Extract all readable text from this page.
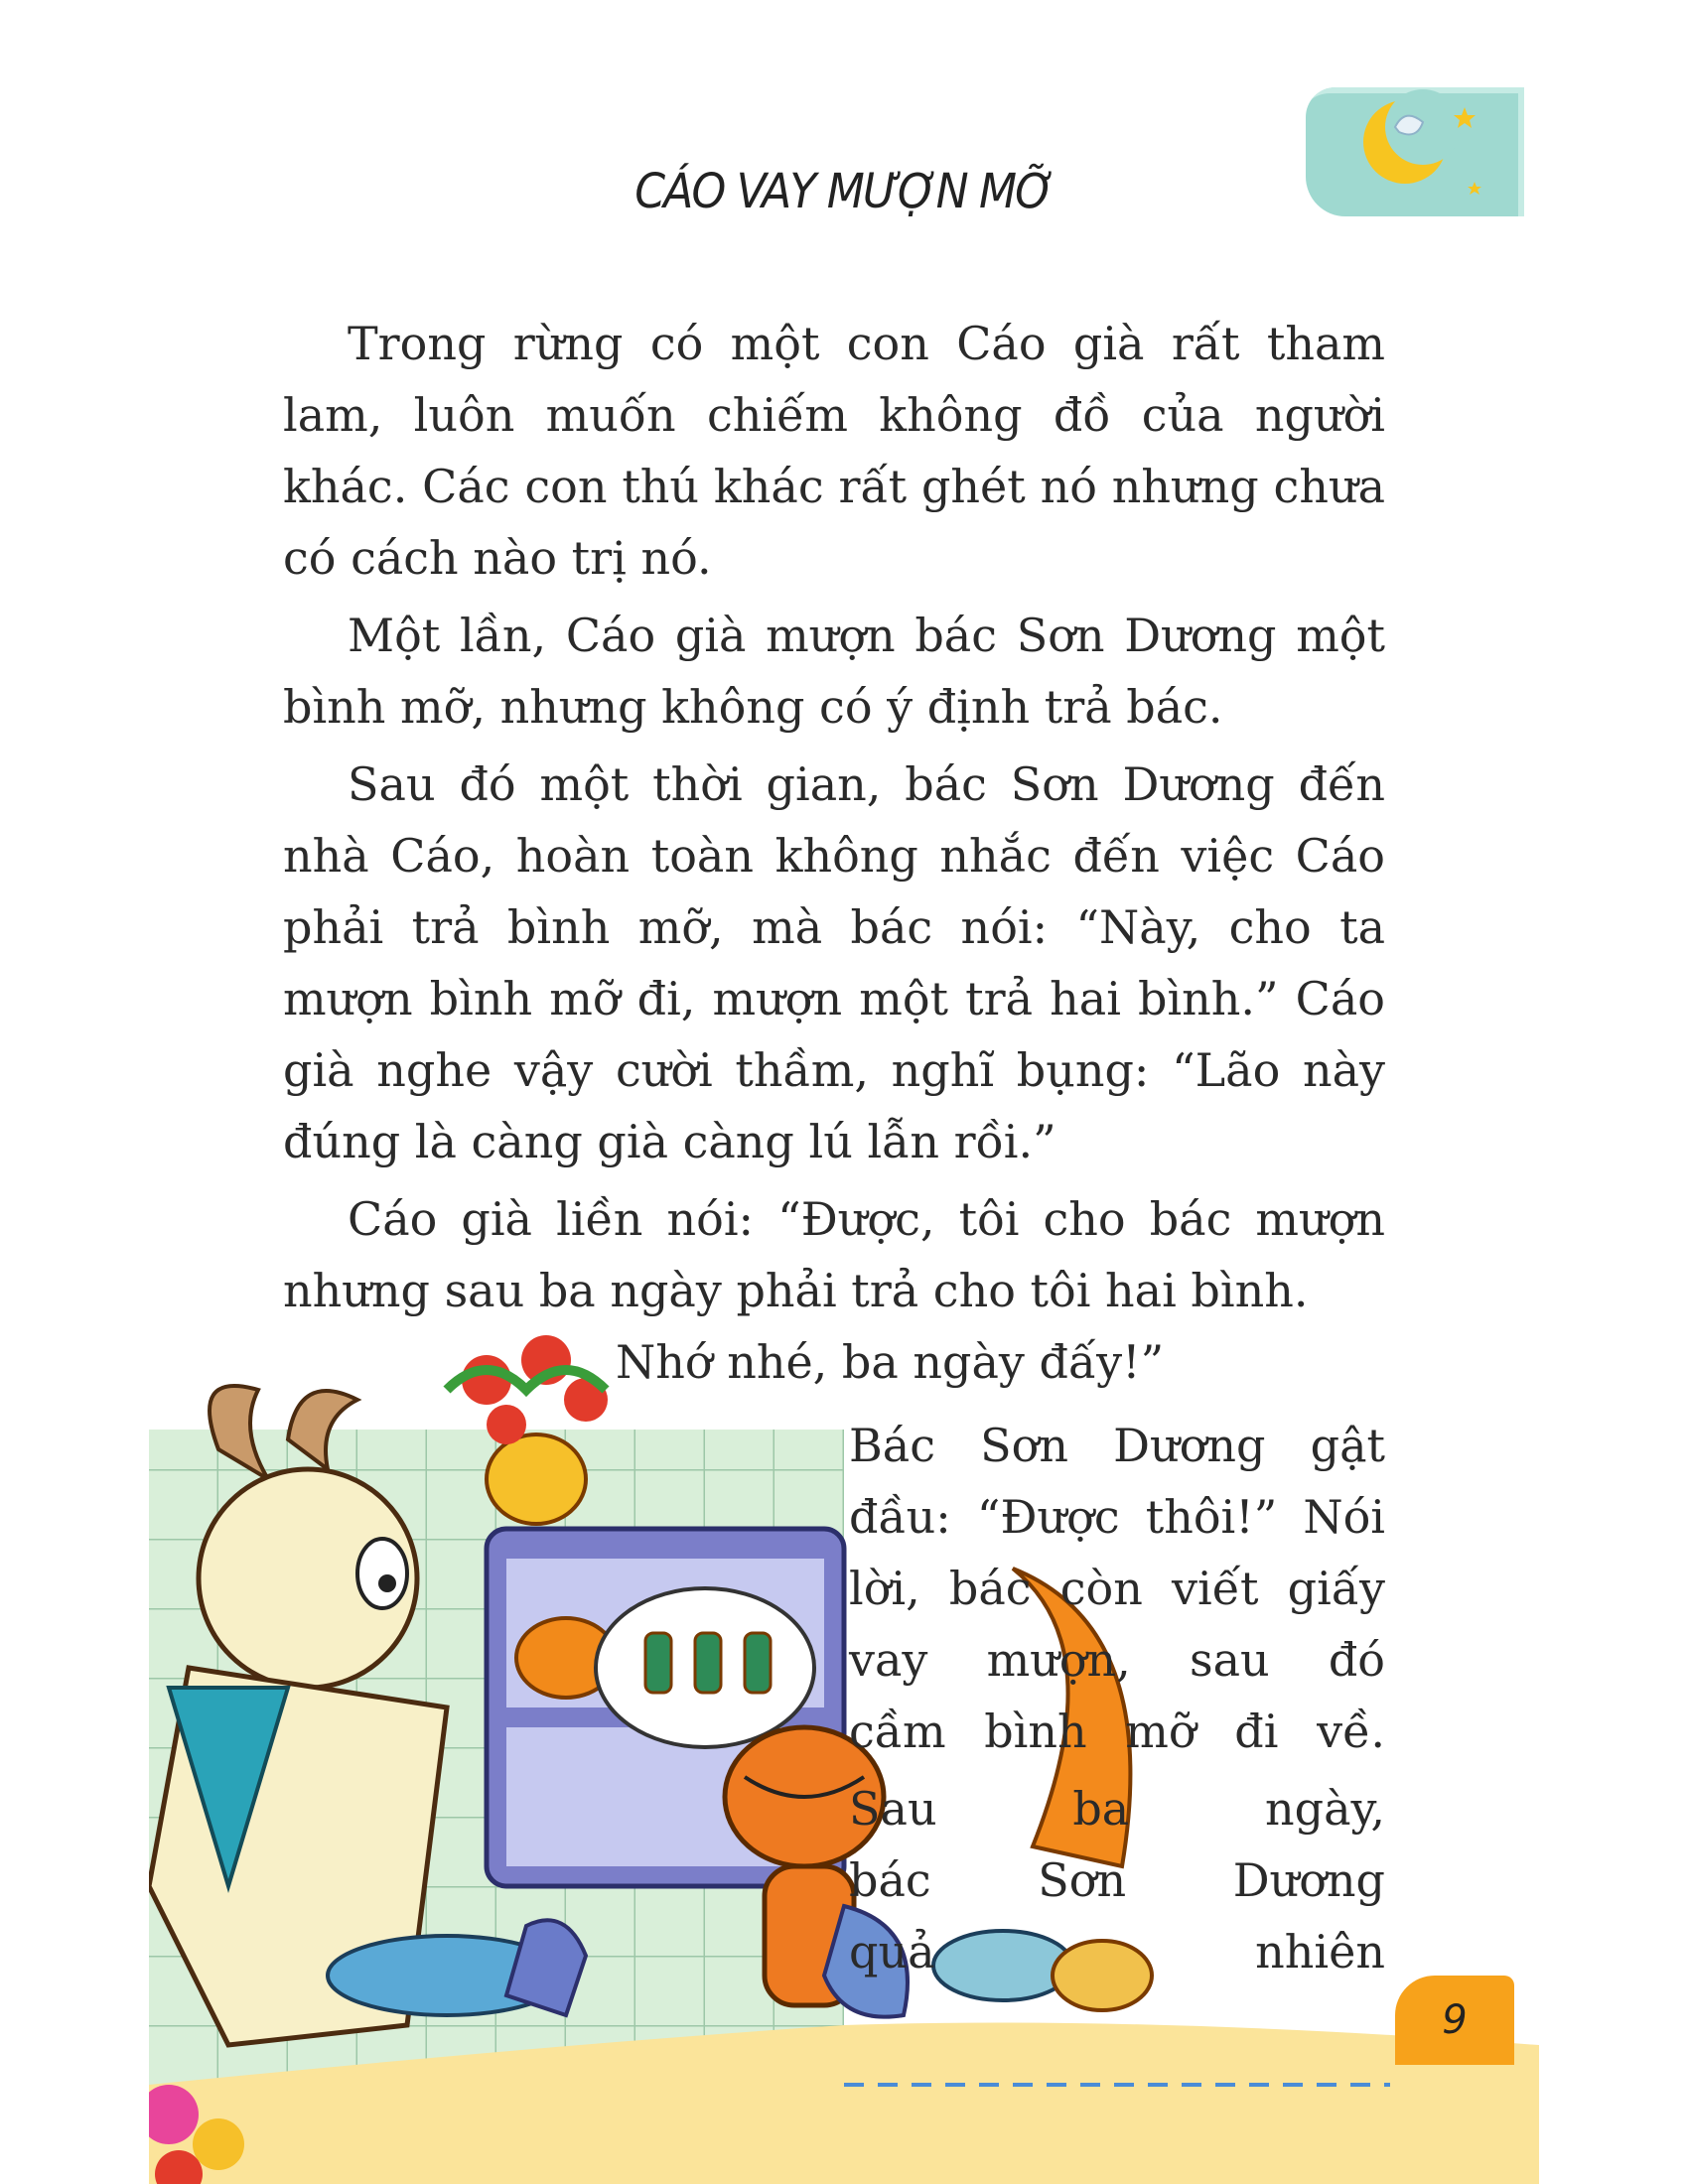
CÁO VAY MƯỢN MỠ

Trong rừng có một con Cáo già rất tham lam, luôn muốn chiếm không đồ của người khác. Các con thú khác rất ghét nó nhưng chưa có cách nào trị nó.

Một lần, Cáo già mượn bác Sơn Dương một bình mỡ, nhưng không có ý định trả bác.

Sau đó một thời gian, bác Sơn Dương đến nhà Cáo, hoàn toàn không nhắc đến việc Cáo phải trả bình mỡ, mà bác nói: “Này, cho ta mượn bình mỡ đi, mượn một trả hai bình.” Cáo già nghe vậy cười thầm, nghĩ bụng: “Lão này đúng là càng già càng lú lẫn rồi.”

Cáo già liền nói: “Được, tôi cho bác mượn nhưng sau ba ngày phải trả cho tôi hai bình.

Nhớ nhé, ba ngày đấy!”
Bác Sơn Dương gật
đầu: “Được thôi!” Nói
lời, bác còn viết giấy
vay mượn, sau đó
cầm bình mỡ đi về.
Sau ba ngày,
bác Sơn Dương
quả nhiên
9
